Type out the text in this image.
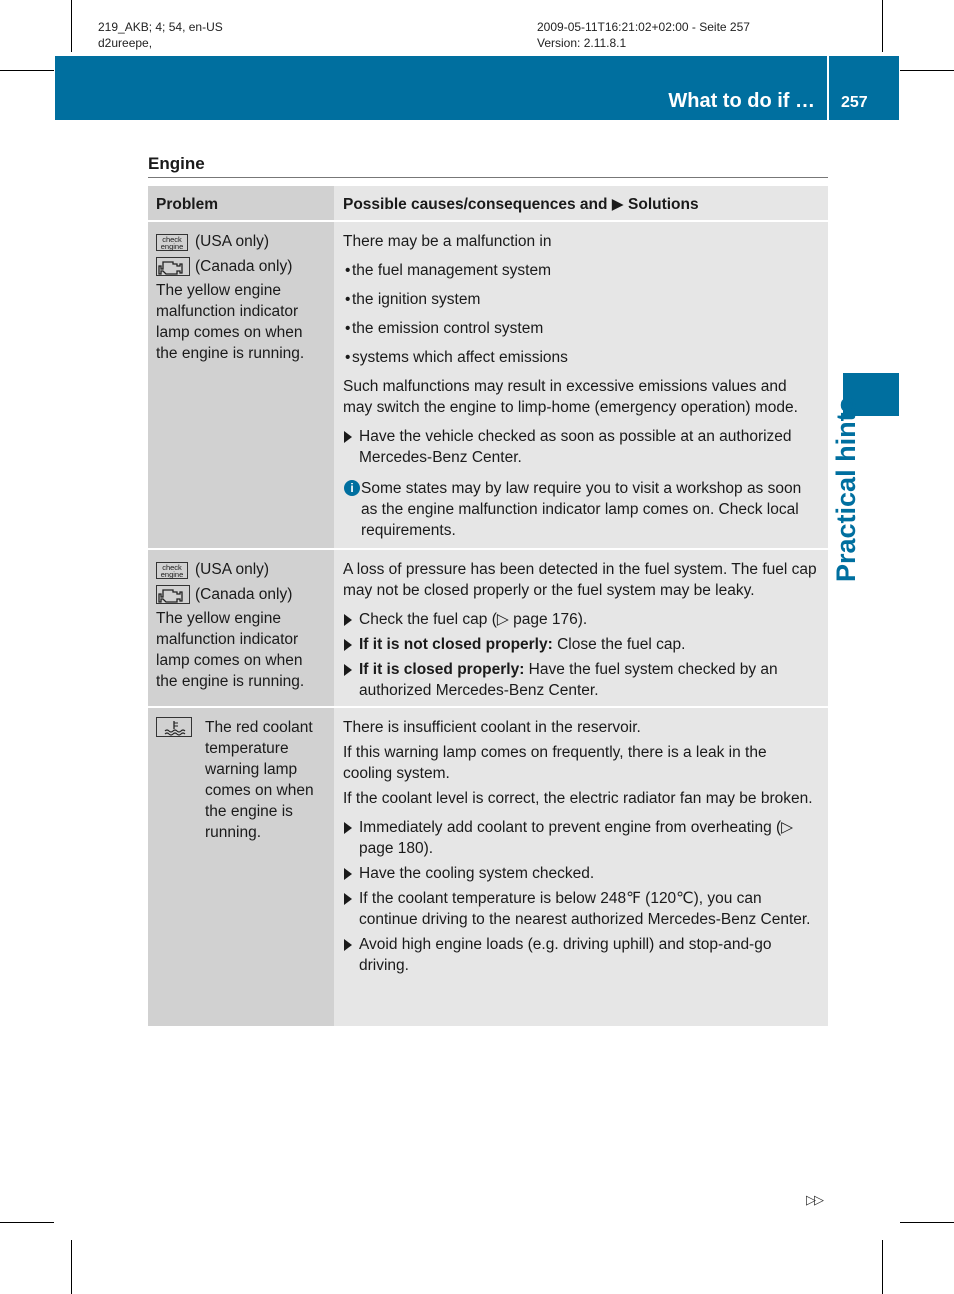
219_AKB; 4; 54, en-US
d2ureepe,
2009-05-11T16:21:02+02:00 - Seite 257
Version: 2.11.8.1
What to do if … 257
Practical hints
Engine
Problem	Possible causes/consequences and ▶ Solutions
check engine (USA only)
(Canada only)
The yellow engine malfunction indicator lamp comes on when the engine is running.
There may be a malfunction in
• the fuel management system
• the ignition system
• the emission control system
• systems which affect emissions
Such malfunctions may result in excessive emissions values and may switch the engine to limp-home (emergency operation) mode.
Have the vehicle checked as soon as possible at an authorized Mercedes-Benz Center.
i Some states may by law require you to visit a workshop as soon as the engine malfunction indicator lamp comes on. Check local requirements.
check engine (USA only)
(Canada only)
The yellow engine malfunction indicator lamp comes on when the engine is running.
A loss of pressure has been detected in the fuel system. The fuel cap may not be closed properly or the fuel system may be leaky.
Check the fuel cap (▷ page 176).
If it is not closed properly: Close the fuel cap.
If it is closed properly: Have the fuel system checked by an authorized Mercedes-Benz Center.
The red coolant temperature warning lamp comes on when the engine is running.
There is insufficient coolant in the reservoir.
If this warning lamp comes on frequently, there is a leak in the cooling system.
If the coolant level is correct, the electric radiator fan may be broken.
Immediately add coolant to prevent engine from overheating (▷ page 180).
Have the cooling system checked.
If the coolant temperature is below 248℉ (120℃), you can continue driving to the nearest authorized Mercedes-Benz Center.
Avoid high engine loads (e.g. driving uphill) and stop-and-go driving.
▷▷
